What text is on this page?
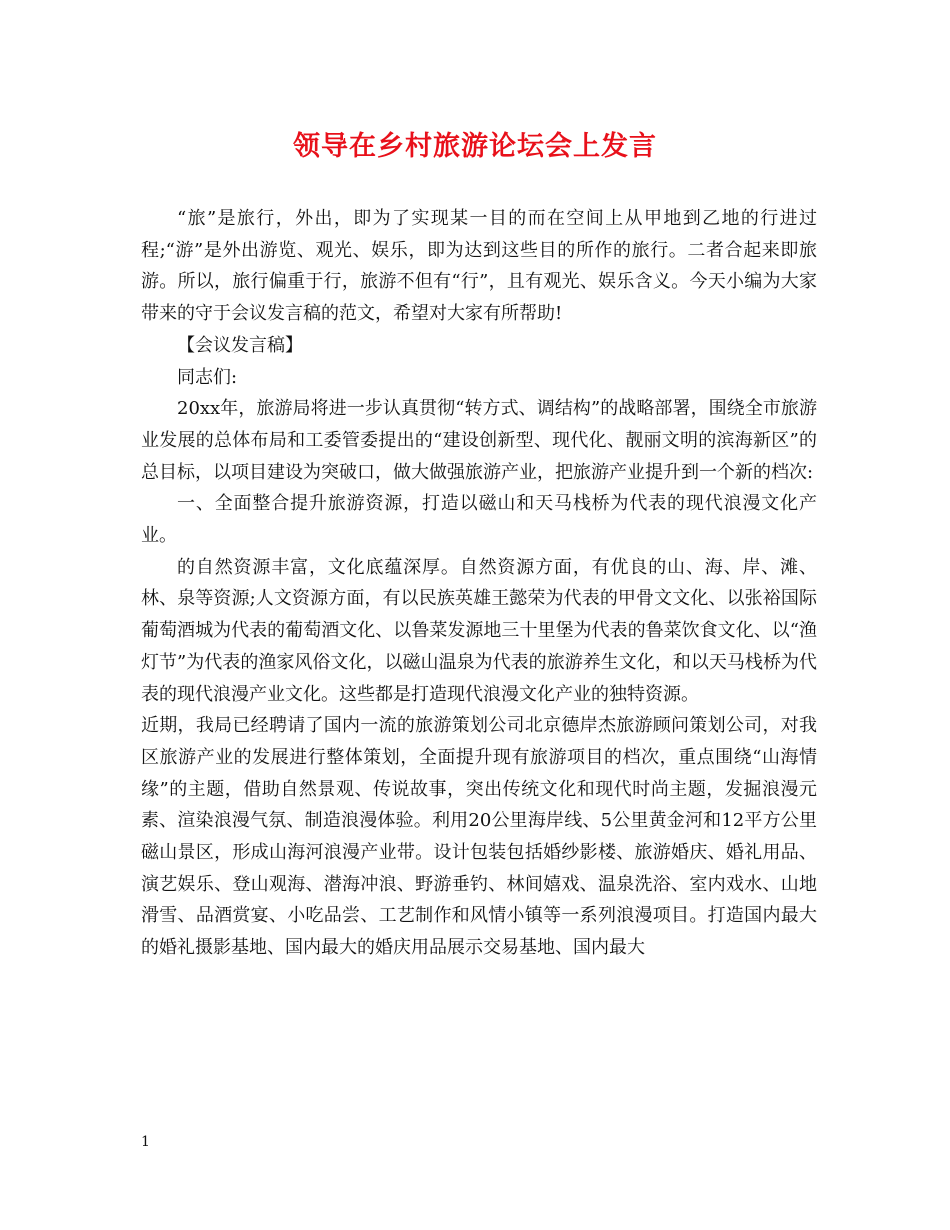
领导在乡村旅游论坛会上发言

“旅”是旅行，外出，即为了实现某一目的而在空间上从甲地到乙地的行进过程;“游”是外出游览、观光、娱乐，即为达到这些目的所作的旅行。二者合起来即旅游。所以，旅行偏重于行，旅游不但有“行”，且有观光、娱乐含义。今天小编为大家带来的守于会议发言稿的范文，希望对大家有所帮助!

【会议发言稿】

同志们:

20xx年，旅游局将进一步认真贯彻“转方式、调结构”的战略部署，围绕全市旅游业发展的总体布局和工委管委提出的“建设创新型、现代化、靓丽文明的滨海新区”的总目标，以项目建设为突破口，做大做强旅游产业，把旅游产业提升到一个新的档次:

一、全面整合提升旅游资源，打造以磁山和天马栈桥为代表的现代浪漫文化产业。

的自然资源丰富，文化底蕴深厚。自然资源方面，有优良的山、海、岸、滩、林、泉等资源;人文资源方面，有以民族英雄王懿荣为代表的甲骨文文化、以张裕国际葡萄酒城为代表的葡萄酒文化、以鲁菜发源地三十里堡为代表的鲁菜饮食文化、以“渔灯节”为代表的渔家风俗文化，以磁山温泉为代表的旅游养生文化，和以天马栈桥为代表的现代浪漫产业文化。这些都是打造现代浪漫文化产业的独特资源。

近期，我局已经聘请了国内一流的旅游策划公司北京德岸杰旅游顾问策划公司，对我区旅游产业的发展进行整体策划，全面提升现有旅游项目的档次，重点围绕“山海情缘”的主题，借助自然景观、传说故事，突出传统文化和现代时尚主题，发掘浪漫元素、渲染浪漫气氛、制造浪漫体验。利用20公里海岸线、5公里黄金河和12平方公里磁山景区，形成山海河浪漫产业带。设计包装包括婚纱影楼、旅游婚庆、婚礼用品、演艺娱乐、登山观海、潜海冲浪、野游垂钓、林间嬉戏、温泉洗浴、室内戏水、山地滑雪、品酒赏宴、小吃品尝、工艺制作和风情小镇等一系列浪漫项目。打造国内最大的婚礼摄影基地、国内最大的婚庆用品展示交易基地、国内最大

1
